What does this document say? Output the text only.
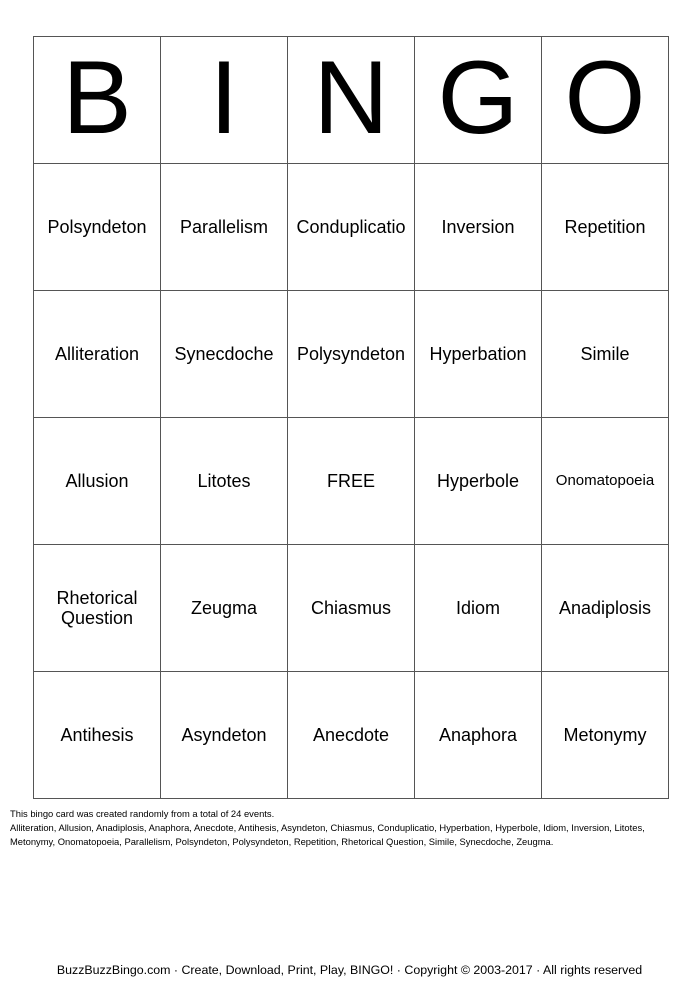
B	I	N	G	O
Polsyndeton	Parallelism	Conduplicatio	Inversion	Repetition
Alliteration	Synecdoche	Polysyndeton	Hyperbation	Simile
Allusion	Litotes	FREE	Hyperbole	Onomatopoeia
Rhetorical Question	Zeugma	Chiasmus	Idiom	Anadiplosis
Antihesis	Asyndeton	Anecdote	Anaphora	Metonymy

This bingo card was created randomly from a total of 24 events.

Alliteration, Allusion, Anadiplosis, Anaphora, Anecdote, Antihesis, Asyndeton, Chiasmus, Conduplicatio, Hyperbation, Hyperbole, Idiom, Inversion, Litotes, Metonymy, Onomatopoeia, Parallelism, Polsyndeton, Polysyndeton, Repetition, Rhetorical Question, Simile, Synecdoche, Zeugma.

BuzzBuzzBingo.com · Create, Download, Print, Play, BINGO! · Copyright © 2003-2017 · All rights reserved
